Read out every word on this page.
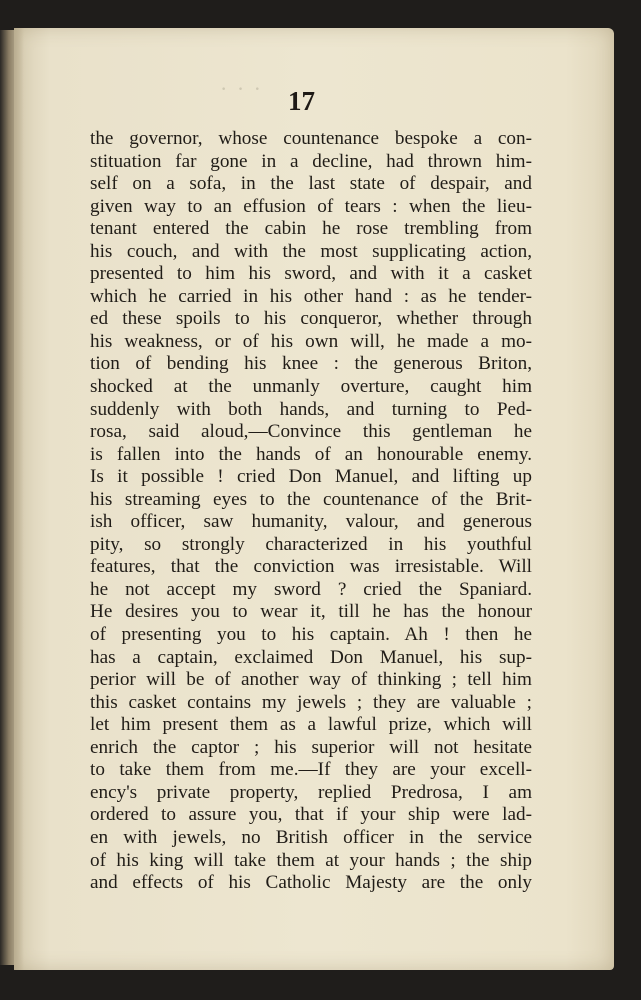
· · · 17
the governor, whose countenance bespoke a con-
stituation far gone in a decline, had thrown him-
self on a sofa, in the last state of despair, and
given way to an effusion of tears : when the lieu-
tenant entered the cabin he rose trembling from
his couch, and with the most supplicating action,
presented to him his sword, and with it a casket
which he carried in his other hand : as he tender-
ed these spoils to his conqueror, whether through
his weakness, or of his own will, he made a mo-
tion of bending his knee : the generous Briton,
shocked at the unmanly overture, caught him
suddenly with both hands, and turning to Ped-
rosa, said aloud,—Convince this gentleman he
is fallen into the hands of an honourable enemy.
Is it possible ! cried Don Manuel, and lifting up
his streaming eyes to the countenance of the Brit-
ish officer, saw humanity, valour, and generous
pity, so strongly characterized in his youthful
features, that the conviction was irresistable. Will
he not accept my sword ? cried the Spaniard.
He desires you to wear it, till he has the honour
of presenting you to his captain. Ah ! then he
has a captain, exclaimed Don Manuel, his sup-
perior will be of another way of thinking ; tell him
this casket contains my jewels ; they are valuable ;
let him present them as a lawful prize, which will
enrich the captor ; his superior will not hesitate
to take them from me.—If they are your excell-
ency's private property, replied Predrosa, I am
ordered to assure you, that if your ship were lad-
en with jewels, no British officer in the service
of his king will take them at your hands ; the ship
and effects of his Catholic Majesty are the only
